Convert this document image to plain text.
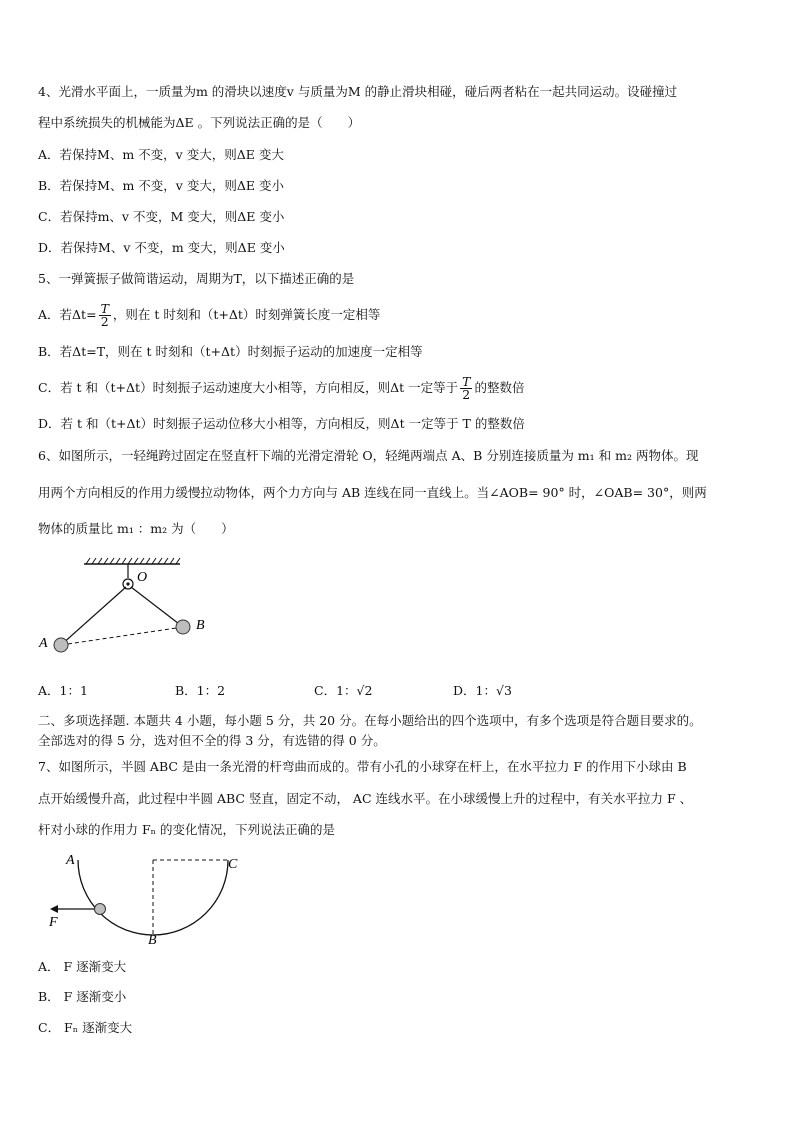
4、光滑水平面上，一质量为m 的滑块以速度v 与质量为M 的静止滑块相碰，碰后两者粘在一起共同运动。设碰撞过
程中系统损失的机械能为ΔE 。下列说法正确的是（　　）
A．若保持M、m 不变，v 变大，则ΔE 变大
B．若保持M、m 不变，v 变大，则ΔE 变小
C．若保持m、v 不变，M 变大，则ΔE 变小
D．若保持M、v 不变，m 变大，则ΔE 变小
5、一弹簧振子做简谐运动，周期为T，以下描述正确的是
A．若$\Delta t= \frac{T}{2}$ ，则在 t 时刻和（t+Δt）时刻弹簧长度一定相等
B．若Δt=T，则在 t 时刻和（t+Δt）时刻振子运动的加速度一定相等
C．若 t 和（t+Δt）时刻振子运动速度大小相等，方向相反，则Δt 一定等于 $\frac{T}{2}$ 的整数倍
D．若 t 和（t+Δt）时刻振子运动位移大小相等，方向相反，则Δt 一定等于 T 的整数倍
6、如图所示，一轻绳跨过固定在竖直杆下端的光滑定滑轮 O，轻绳两端点 A、B 分别连接质量为 m₁ 和 m₂ 两物体。现
用两个方向相反的作用力缓慢拉动物体，两个力方向与 AB 连线在同一直线上。当∠AOB= 90° 时，∠OAB= 30°，则两
物体的质量比 m₁ ：m₂ 为（　　）
O
A
B
A．1：1	B．1：2	C．1：√2	D．1：√3
二、多项选择题. 本题共 4 小题，每小题 5 分，共 20 分。在每小题给出的四个选项中，有多个选项是符合题目要求的。
全部选对的得 5 分，选对但不全的得 3 分，有选错的得 0 分。
7、如图所示，半圆 ABC 是由一条光滑的杆弯曲而成的。带有小孔的小球穿在杆上，在水平拉力 F 的作用下小球由 B
点开始缓慢升高，此过程中半圆 ABC 竖直，固定不动， AC 连线水平。在小球缓慢上升的过程中，有关水平拉力 F 、
杆对小球的作用力 Fₙ 的变化情况，下列说法正确的是
A	C
B
F
A． F 逐渐变大
B． F 逐渐变小
C． Fₙ 逐渐变大
